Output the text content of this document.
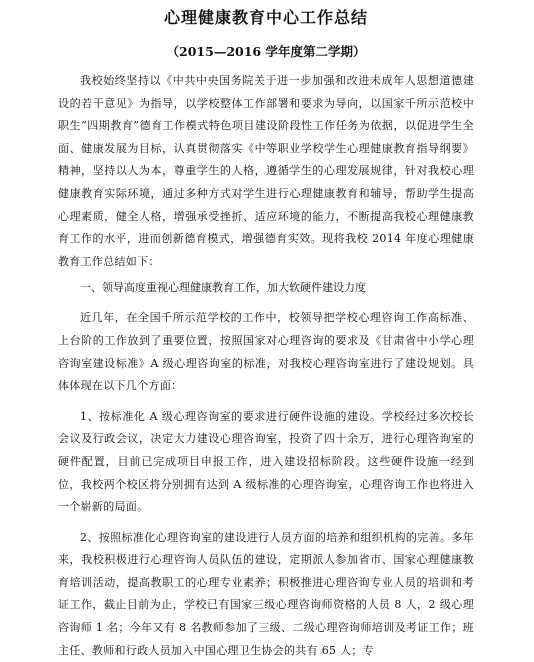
心理健康教育中心工作总结
（2015—2016 学年度第二学期）

我校始终坚持以《中共中央国务院关于进一步加强和改进未成年人思想道德建设的若干意见》为指导，以学校整体工作部署和要求为导向，以国家千所示范校中职生“四期教育”德育工作模式特色项目建设阶段性工作任务为依据，以促进学生全面、健康发展为目标，认真贯彻落实《中等职业学校学生心理健康教育指导纲要》精神，坚持以人为本，尊重学生的人格，遵循学生的心理发展规律，针对我校心理健康教育实际环境，通过多种方式对学生进行心理健康教育和辅导，帮助学生提高心理素质，健全人格，增强承受挫折、适应环境的能力，不断提高我校心理健康教育工作的水平，进而创新德育模式，增强德育实效。现将我校 2014 年度心理健康教育工作总结如下：

一、领导高度重视心理健康教育工作，加大软硬件建设力度

近几年，在全国千所示范学校的工作中，校领导把学校心理咨询工作高标准、上台阶的工作放到了重要位置，按照国家对心理咨询的要求及《甘肃省中小学心理咨询室建设标准》A 级心理咨询室的标准，对我校心理咨询室进行了建设规划。具体体现在以下几个方面：

1、按标准化 A 级心理咨询室的要求进行硬件设施的建设。学校经过多次校长会议及行政会议，决定大力建设心理咨询室，投资了四十余万，进行心理咨询室的硬件配置，目前已完成项目申报工作，进入建设招标阶段。这些硬件设施一经到位，我校两个校区将分别拥有达到 A 级标准的心理咨询室，心理咨询工作也将进入一个崭新的局面。

2、按照标准化心理咨询室的建设进行人员方面的培养和组织机构的完善。多年来，我校积极进行心理咨询人员队伍的建设，定期派人参加省市、国家心理健康教育培训活动，提高教职工的心理专业素养；积极推进心理咨询专业人员的培训和考证工作，截止目前为止，学校已有国家三级心理咨询师资格的人员 8 人，2 级心理咨询师 1 名；今年又有 8 名教师参加了三级、二级心理咨询师培训及考证工作；班主任、教师和行政人员加入中国心理卫生协会的共有 65 人；专
